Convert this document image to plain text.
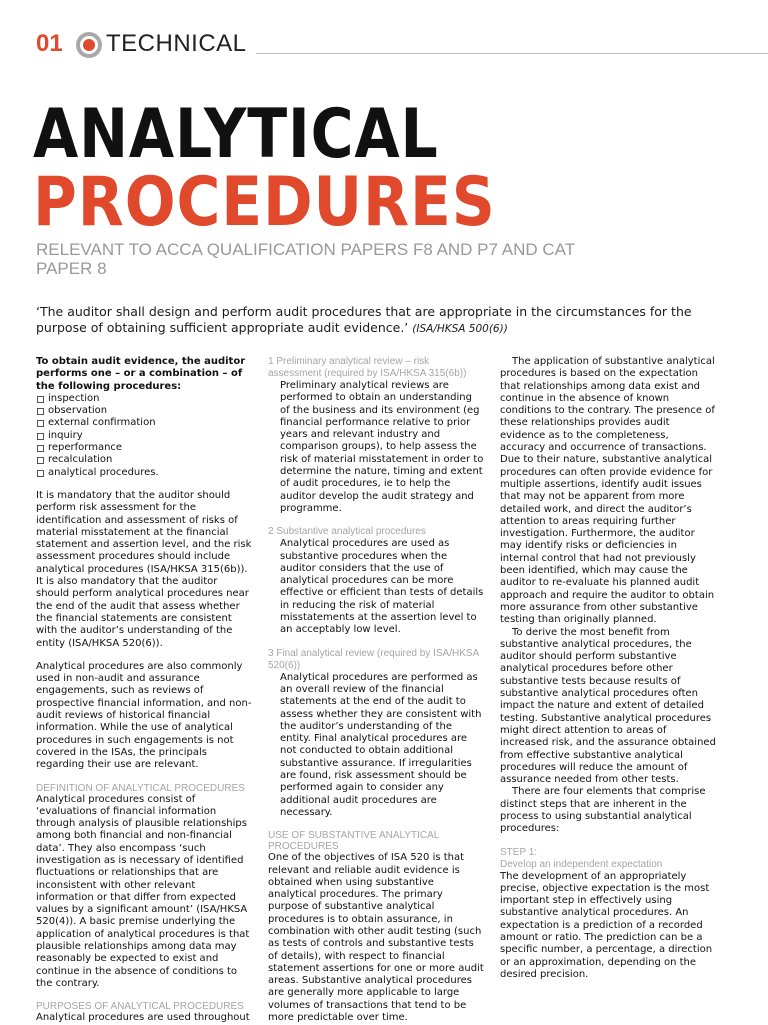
01 TECHNICAL
ANALYTICAL
PROCEDURES
RELEVANT TO ACCA QUALIFICATION PAPERS F8 AND P7 AND CAT PAPER 8
‘The auditor shall design and perform audit procedures that are appropriate in the circumstances for the purpose of obtaining sufficient appropriate audit evidence.’ (ISA/HKSA 500(6))

To obtain audit evidence, the auditor performs one – or a combination – of the following procedures:

inspection
observation
external confirmation
inquiry
reperformance
recalculation
analytical procedures.

It is mandatory that the auditor should perform risk assessment for the identification and assessment of risks of material misstatement at the financial statement and assertion level, and the risk assessment procedures should include analytical procedures (ISA/HKSA 315(6b)). It is also mandatory that the auditor should perform analytical procedures near the end of the audit that assess whether the financial statements are consistent with the auditor’s understanding of the entity (ISA/HKSA 520(6)).

Analytical procedures are also commonly used in non-audit and assurance engagements, such as reviews of prospective financial information, and non-audit reviews of historical financial information. While the use of analytical procedures in such engagements is not covered in the ISAs, the principals regarding their use are relevant.

DEFINITION OF ANALYTICAL PROCEDURES

Analytical procedures consist of ‘evaluations of financial information through analysis of plausible relationships among both financial and non-financial data’. They also encompass ‘such investigation as is necessary of identified fluctuations or relationships that are inconsistent with other relevant information or that differ from expected values by a significant amount’ (ISA/HKSA 520(4)). A basic premise underlying the application of analytical procedures is that plausible relationships among data may reasonably be expected to exist and continue in the absence of conditions to the contrary.

PURPOSES OF ANALYTICAL PROCEDURES

Analytical procedures are used throughout

1 Preliminary analytical review – risk assessment (required by ISA/HKSA 315(6b))

Preliminary analytical reviews are performed to obtain an understanding of the business and its environment (eg financial performance relative to prior years and relevant industry and comparison groups), to help assess the risk of material misstatement in order to determine the nature, timing and extent of audit procedures, ie to help the auditor develop the audit strategy and programme.

2 Substantive analytical procedures

Analytical procedures are used as substantive procedures when the auditor considers that the use of analytical procedures can be more effective or efficient than tests of details in reducing the risk of material misstatements at the assertion level to an acceptably low level.

3 Final analytical review (required by ISA/HKSA 520(6))

Analytical procedures are performed as an overall review of the financial statements at the end of the audit to assess whether they are consistent with the auditor’s understanding of the entity. Final analytical procedures are not conducted to obtain additional substantive assurance. If irregularities are found, risk assessment should be performed again to consider any additional audit procedures are necessary.

USE OF SUBSTANTIVE ANALYTICAL PROCEDURES

One of the objectives of ISA 520 is that relevant and reliable audit evidence is obtained when using substantive analytical procedures. The primary purpose of substantive analytical procedures is to obtain assurance, in combination with other audit testing (such as tests of controls and substantive tests of details), with respect to financial statement assertions for one or more audit areas. Substantive analytical procedures are generally more applicable to large volumes of transactions that tend to be more predictable over time.

The application of substantive analytical procedures is based on the expectation that relationships among data exist and continue in the absence of known conditions to the contrary. The presence of these relationships provides audit evidence as to the completeness, accuracy and occurrence of transactions. Due to their nature, substantive analytical procedures can often provide evidence for multiple assertions, identify audit issues that may not be apparent from more detailed work, and direct the auditor’s attention to areas requiring further investigation. Furthermore, the auditor may identify risks or deficiencies in internal control that had not previously been identified, which may cause the auditor to re-evaluate his planned audit approach and require the auditor to obtain more assurance from other substantive testing than originally planned.

To derive the most benefit from substantive analytical procedures, the auditor should perform substantive analytical procedures before other substantive tests because results of substantive analytical procedures often impact the nature and extent of detailed testing. Substantive analytical procedures might direct attention to areas of increased risk, and the assurance obtained from effective substantive analytical procedures will reduce the amount of assurance needed from other tests.

There are four elements that comprise distinct steps that are inherent in the process to using substantial analytical procedures:

STEP 1:

Develop an independent expectation

The development of an appropriately precise, objective expectation is the most important step in effectively using substantive analytical procedures. An expectation is a prediction of a recorded amount or ratio. The prediction can be a specific number, a percentage, a direction or an approximation, depending on the desired precision.
